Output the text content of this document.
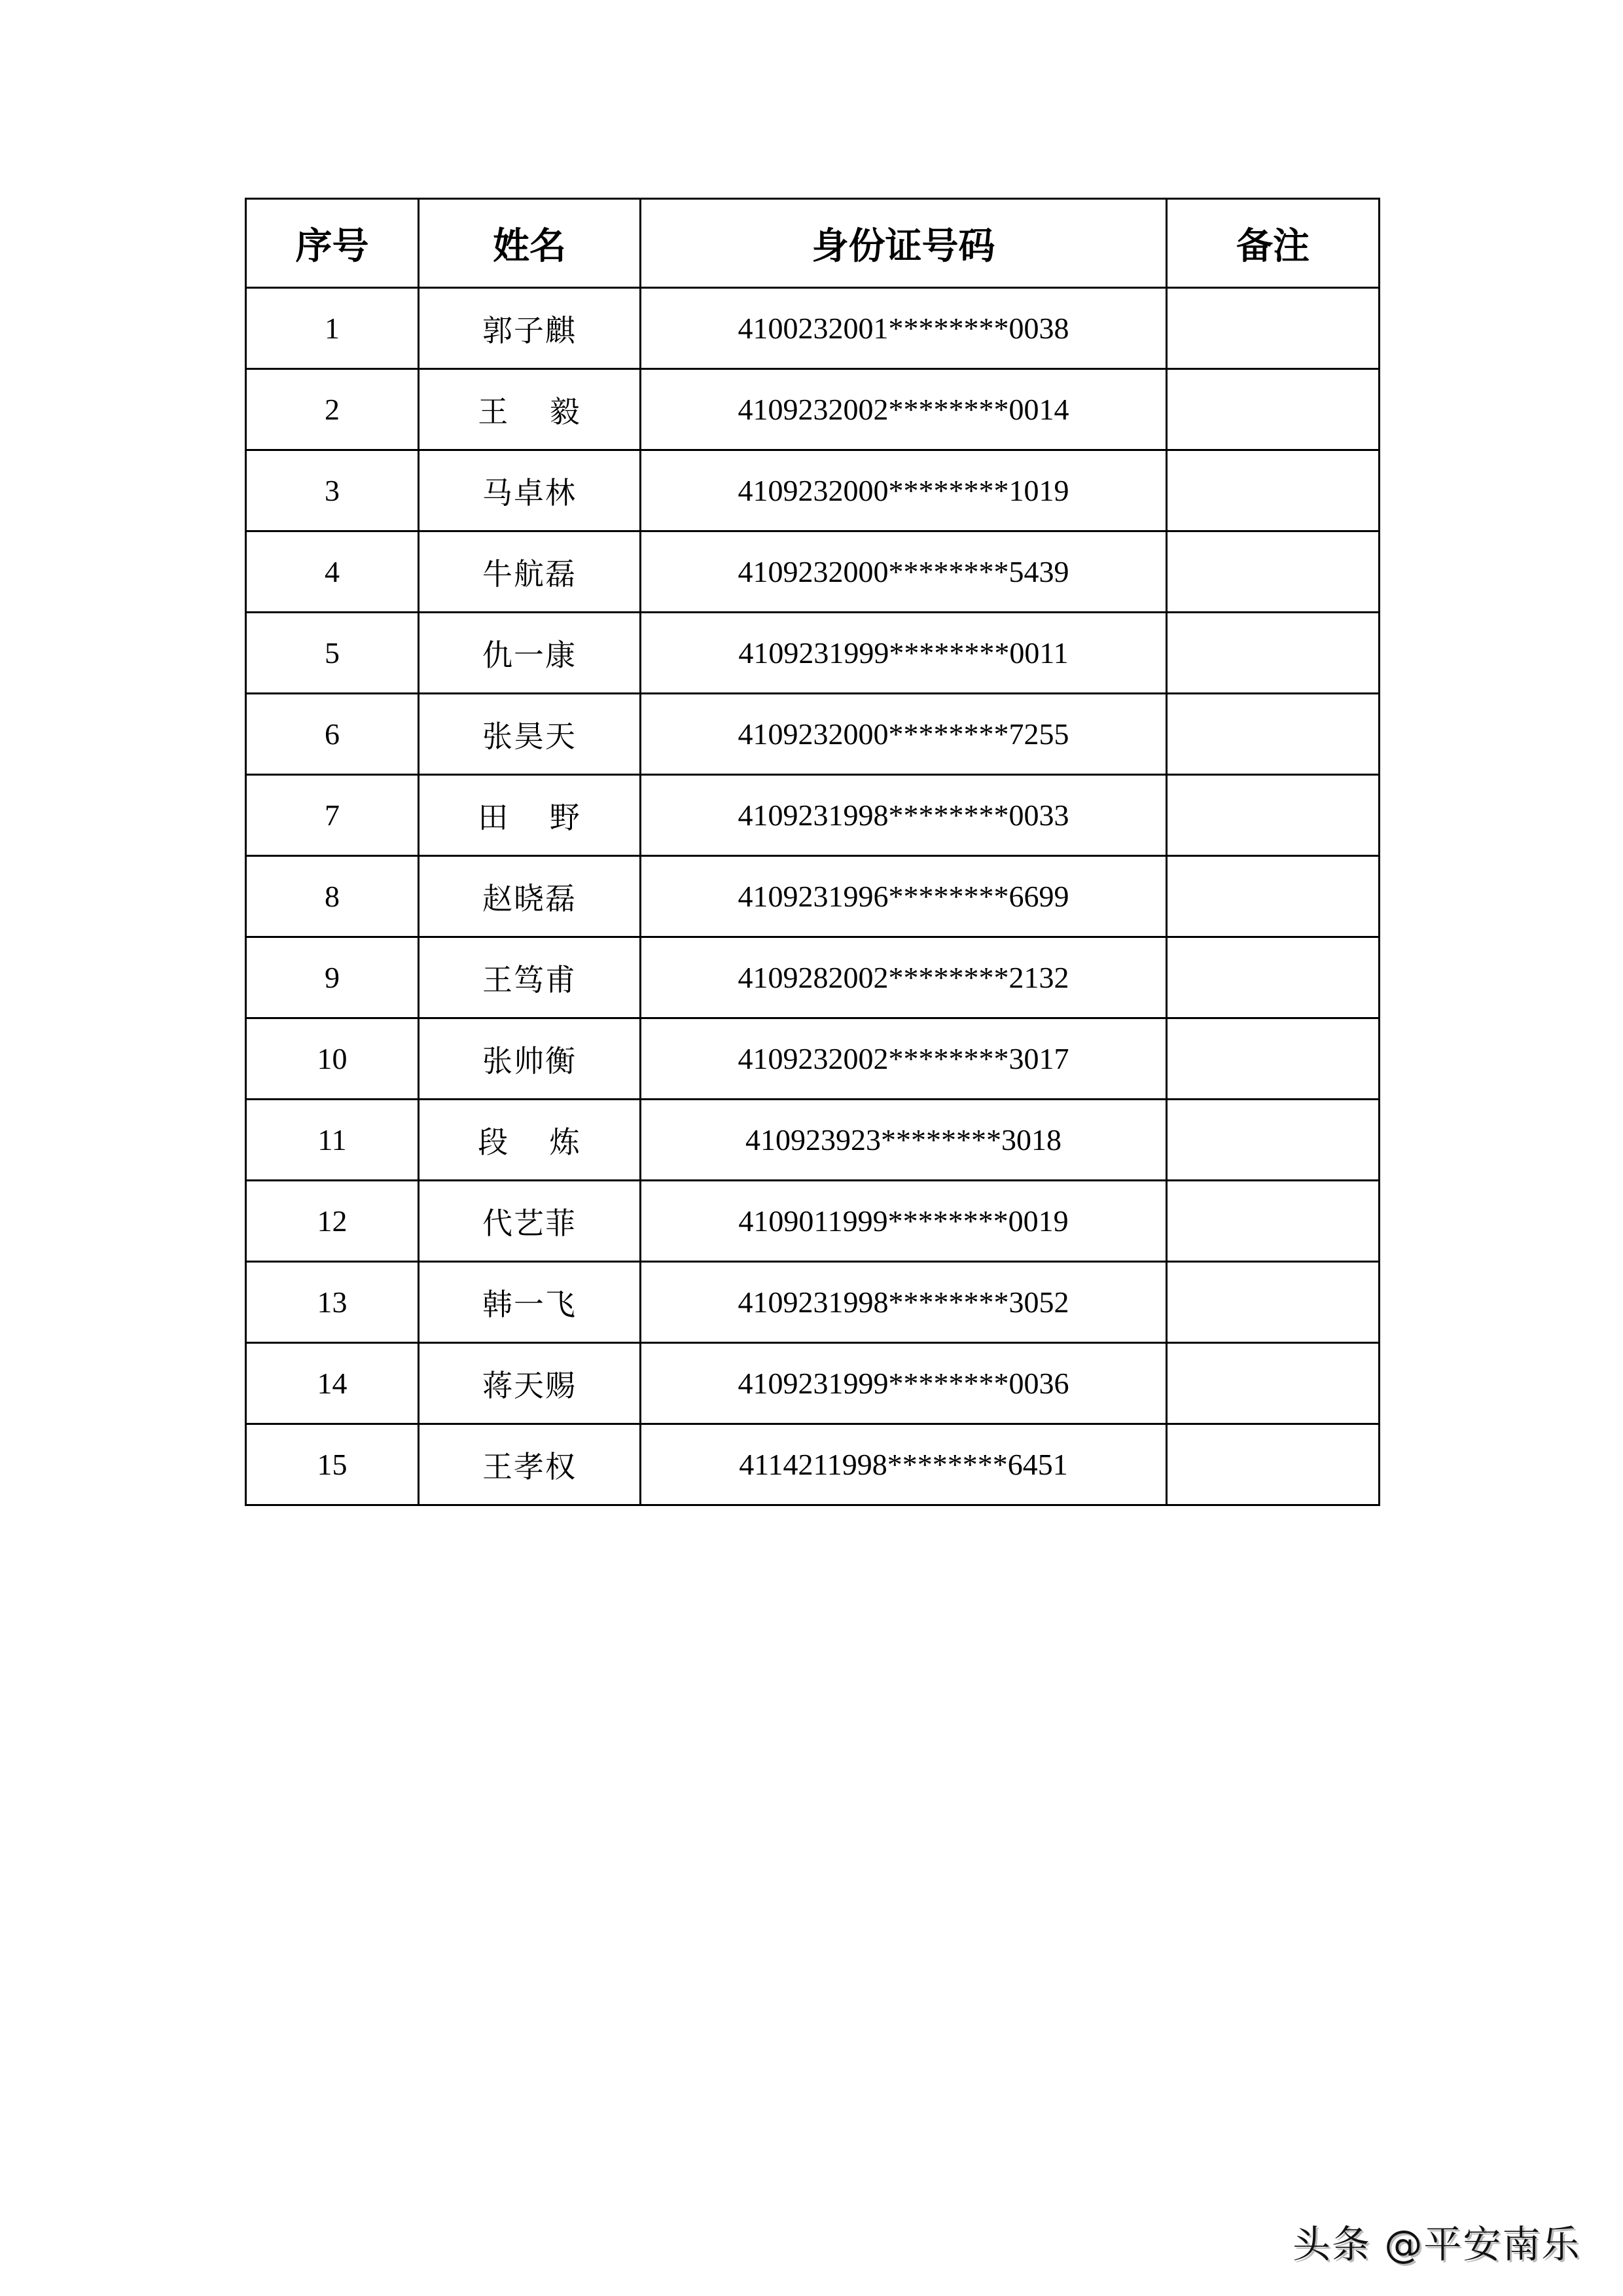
序号	姓名	身份证号码	备注
1	郭子麒	4100232001********0038	
2	王　 毅	4109232002********0014	
3	马卓林	4109232000********1019	
4	牛航磊	4109232000********5439	
5	仇一康	4109231999********0011	
6	张昊天	4109232000********7255	
7	田　 野	4109231998********0033	
8	赵晓磊	4109231996********6699	
9	王笃甫	4109282002********2132	
10	张帅衡	4109232002********3017	
11	段　 炼	410923923********3018	
12	代艺菲	4109011999********0019	
13	韩一飞	4109231998********3052	
14	蒋天赐	4109231999********0036	
15	王孝权	4114211998********6451	
头条 @平安南乐
